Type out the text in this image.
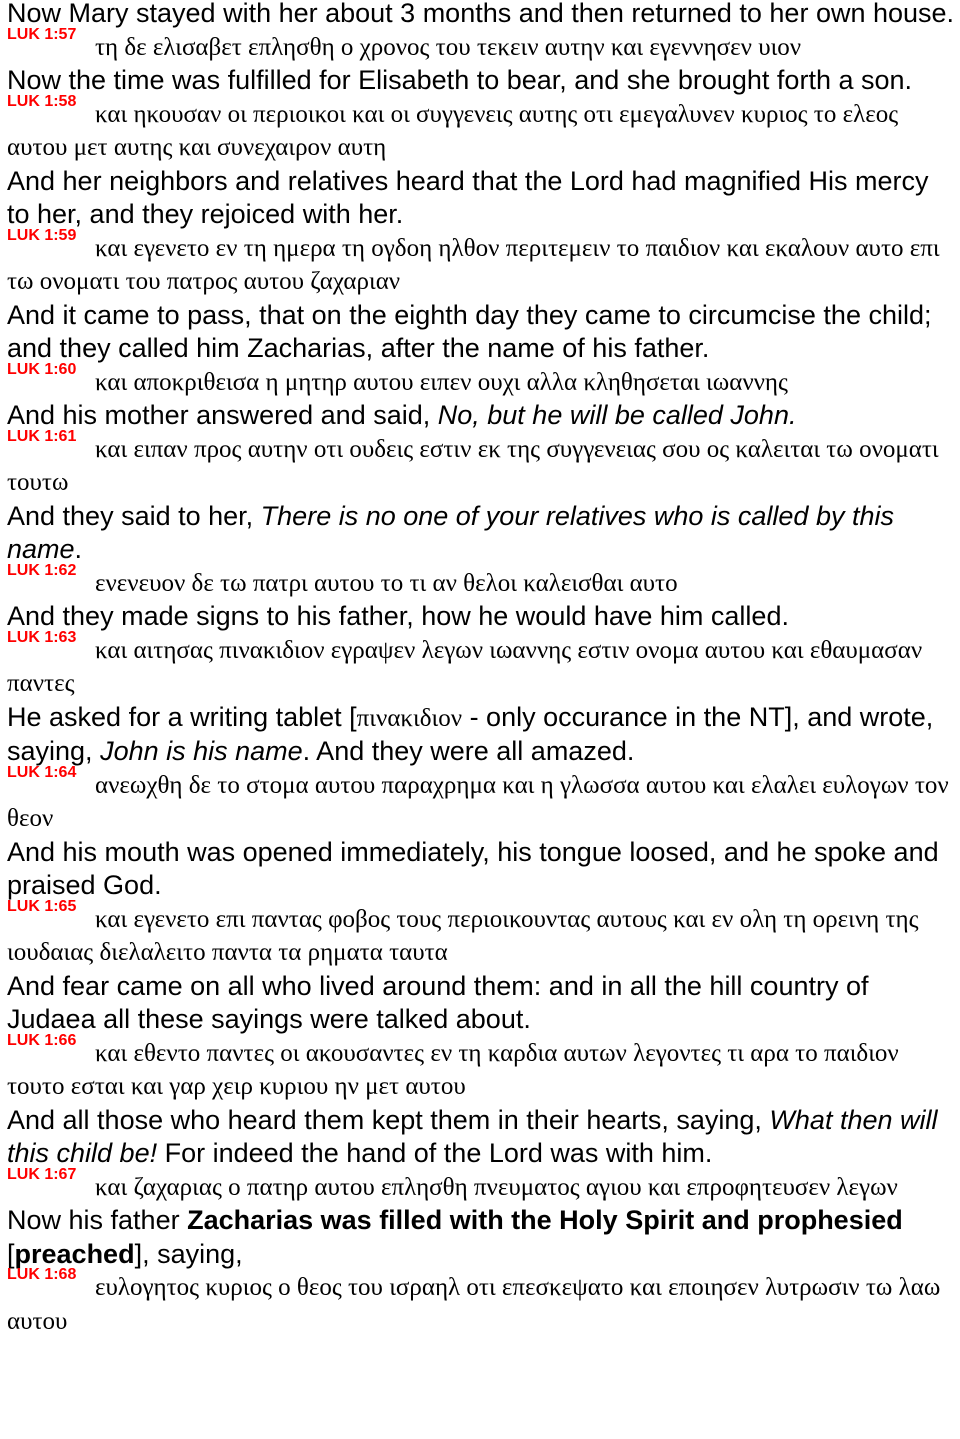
Now Mary stayed with her about 3 months and then returned to her own house.
LUK 1:57 τη δε ελισαβετ επλησθη ο χρονος του τεκειν αυτην και εγεννησεν υιον
Now the time was fulfilled for Elisabeth to bear, and she brought forth a son.
LUK 1:58 και ηκουσαν οι περιοικοι και οι συγγενεις αυτης οτι εμεγαλυνεν κυριος το ελεος αυτου μετ αυτης και συνεχαιρον αυτη
And her neighbors and relatives heard that the Lord had magnified His mercy to her, and they rejoiced with her.
LUK 1:59 και εγενετο εν τη ημερα τη ογδοη ηλθον περιτεμειν το παιδιον και εκαλουν αυτο επι τω ονοματι του πατρος αυτου ζαχαριαν
And it came to pass, that on the eighth day they came to circumcise the child; and they called him Zacharias, after the name of his father.
LUK 1:60 και αποκριθεισα η μητηρ αυτου ειπεν ουχι αλλα κληθησεται ιωαννης
And his mother answered and said, No, but he will be called John.
LUK 1:61 και ειπαν προς αυτην οτι ουδεις εστιν εκ της συγγενειας σου ος καλειται τω ονοματι τουτω
And they said to her, There is no one of your relatives who is called by this name.
LUK 1:62 ενενευον δε τω πατρι αυτου το τι αν θελοι καλεισθαι αυτο
And they made signs to his father, how he would have him called.
LUK 1:63 και αιτησας πινακιδιον εγραψεν λεγων ιωαννης εστιν ονομα αυτου και εθαυμασαν παντες
He asked for a writing tablet [πινακιδιον - only occurance in the NT], and wrote, saying, John is his name. And they were all amazed.
LUK 1:64 ανεωχθη δε το στομα αυτου παραχρημα και η γλωσσα αυτου και ελαλει ευλογων τον θεον
And his mouth was opened immediately, his tongue loosed, and he spoke and praised God.
LUK 1:65 και εγενετο επι παντας φοβος τους περιοικουντας αυτους και εν ολη τη ορεινη της ιουδαιας διελαλειτο παντα τα ρηματα ταυτα
And fear came on all who lived around them: and in all the hill country of Judaea all these sayings were talked about.
LUK 1:66 και εθεντο παντες οι ακουσαντες εν τη καρδια αυτων λεγοντες τι αρα το παιδιον τουτο εσται και γαρ χειρ κυριου ην μετ αυτου
And all those who heard them kept them in their hearts, saying, What then will this child be! For indeed the hand of the Lord was with him.
LUK 1:67 και ζαχαριας ο πατηρ αυτου επλησθη πνευματος αγιου και επροφητευσεν λεγων
Now his father Zacharias was filled with the Holy Spirit and prophesied [preached], saying,
LUK 1:68 ευλογητος κυριος ο θεος του ισραηλ οτι επεσκεψατο και εποιησεν λυτρωσιν τω λαω αυτου
